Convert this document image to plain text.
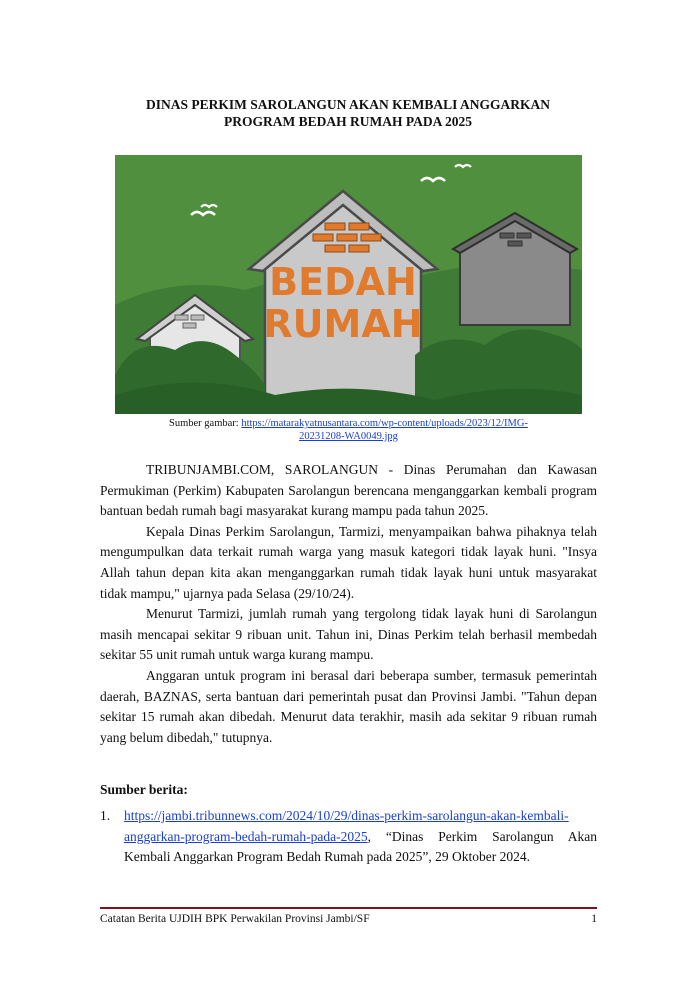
DINAS PERKIM SAROLANGUN AKAN KEMBALI ANGGARKAN
PROGRAM BEDAH RUMAH PADA 2025
BEDAH
RUMAH
Sumber gambar: https://matarakyatnusantara.com/wp-content/uploads/2023/12/IMG-
20231208-WA0049.jpg

TRIBUNJAMBI.COM, SAROLANGUN - Dinas Perumahan dan Kawasan Permukiman (Perkim) Kabupaten Sarolangun berencana menganggarkan kembali program bantuan bedah rumah bagi masyarakat kurang mampu pada tahun 2025.

Kepala Dinas Perkim Sarolangun, Tarmizi, menyampaikan bahwa pihaknya telah mengumpulkan data terkait rumah warga yang masuk kategori tidak layak huni. "Insya Allah tahun depan kita akan menganggarkan rumah tidak layak huni untuk masyarakat tidak mampu," ujarnya pada Selasa (29/10/24).

Menurut Tarmizi, jumlah rumah yang tergolong tidak layak huni di Sarolangun masih mencapai sekitar 9 ribuan unit. Tahun ini, Dinas Perkim telah berhasil membedah sekitar 55 unit rumah untuk warga kurang mampu.

Anggaran untuk program ini berasal dari beberapa sumber, termasuk pemerintah daerah, BAZNAS, serta bantuan dari pemerintah pusat dan Provinsi Jambi. "Tahun depan sekitar 15 rumah akan dibedah. Menurut data terakhir, masih ada sekitar 9 ribuan rumah yang belum dibedah," tutupnya.

Sumber berita:
1. https://jambi.tribunnews.com/2024/10/29/dinas-perkim-sarolangun-akan-kembali-anggarkan-program-bedah-rumah-pada-2025, “Dinas Perkim Sarolangun Akan Kembali Anggarkan Program Bedah Rumah pada 2025”, 29 Oktober 2024.
Catatan Berita UJDIH BPK Perwakilan Provinsi Jambi/SF	1
